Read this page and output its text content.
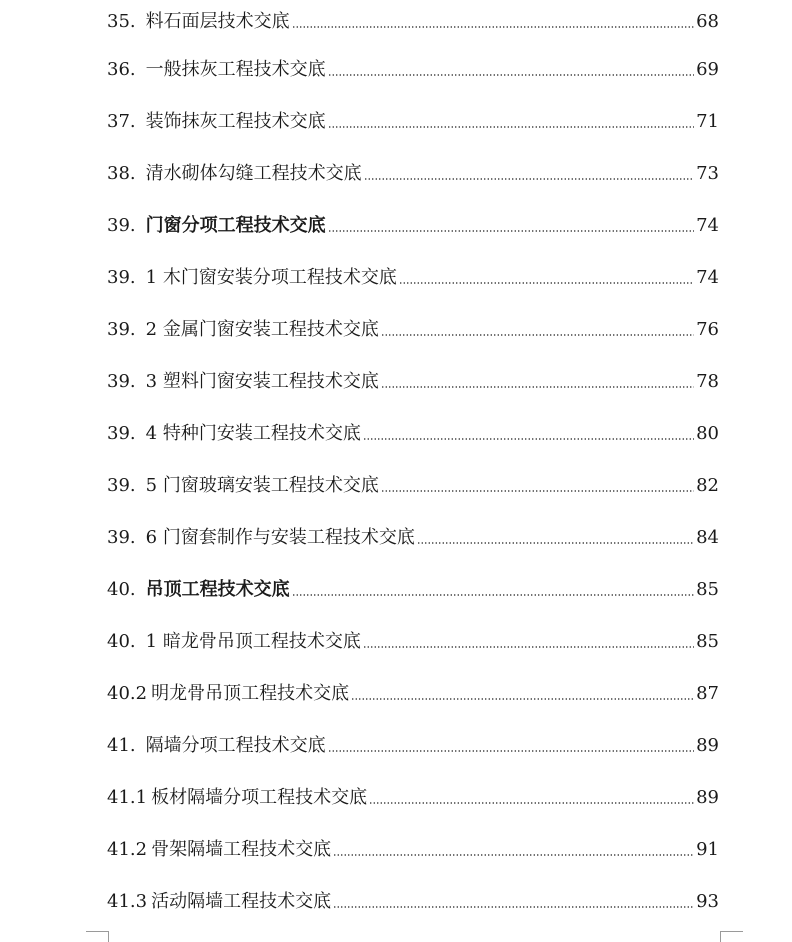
35. 料石面层技术交底	68
36. 一般抹灰工程技术交底	69
37. 装饰抹灰工程技术交底	71
38. 清水砌体勾缝工程技术交底	73
39. 门窗分项工程技术交底	74
39. 1 木门窗安装分项工程技术交底	74
39. 2 金属门窗安装工程技术交底	76
39. 3 塑料门窗安装工程技术交底	78
39. 4 特种门安装工程技术交底	80
39. 5 门窗玻璃安装工程技术交底	82
39. 6 门窗套制作与安装工程技术交底	84
40. 吊顶工程技术交底	85
40. 1 暗龙骨吊顶工程技术交底	85
40.2 明龙骨吊顶工程技术交底	87
41. 隔墙分项工程技术交底	89
41.1 板材隔墙分项工程技术交底	89
41.2 骨架隔墙工程技术交底	91
41.3 活动隔墙工程技术交底	93
